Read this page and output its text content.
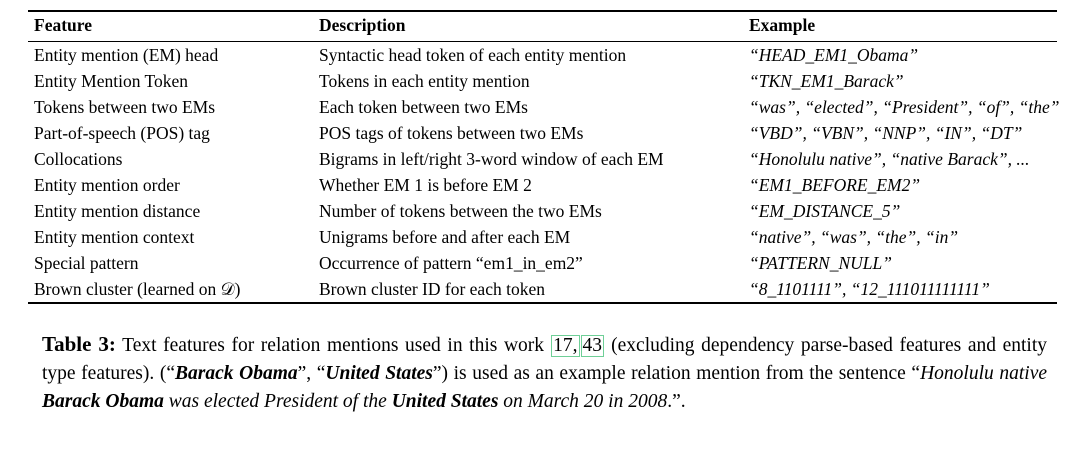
Feature	Description	Example
Entity mention (EM) head	Syntactic head token of each entity mention	“HEAD_EM1_Obama”
Entity Mention Token	Tokens in each entity mention	“TKN_EM1_Barack”
Tokens between two EMs	Each token between two EMs	“was”, “elected”, “President”, “of”, “the”
Part-of-speech (POS) tag	POS tags of tokens between two EMs	“VBD”, “VBN”, “NNP”, “IN”, “DT”
Collocations	Bigrams in left/right 3-word window of each EM	“Honolulu native”, “native Barack”, ...
Entity mention order	Whether EM 1 is before EM 2	“EM1_BEFORE_EM2”
Entity mention distance	Number of tokens between the two EMs	“EM_DISTANCE_5”
Entity mention context	Unigrams before and after each EM	“native”, “was”, “the”, “in”
Special pattern	Occurrence of pattern “em1_in_em2”	“PATTERN_NULL”
Brown cluster (learned on 𝒟)	Brown cluster ID for each token	“8_1101111”, “12_111011111111”
Table 3: Text features for relation mentions used in this work 17, 43 (excluding dependency parse-based features and entity type features). (“Barack Obama”, “United States”) is used as an example relation mention from the sentence “Honolulu native Barack Obama was elected President of the United States on March 20 in 2008.”.
